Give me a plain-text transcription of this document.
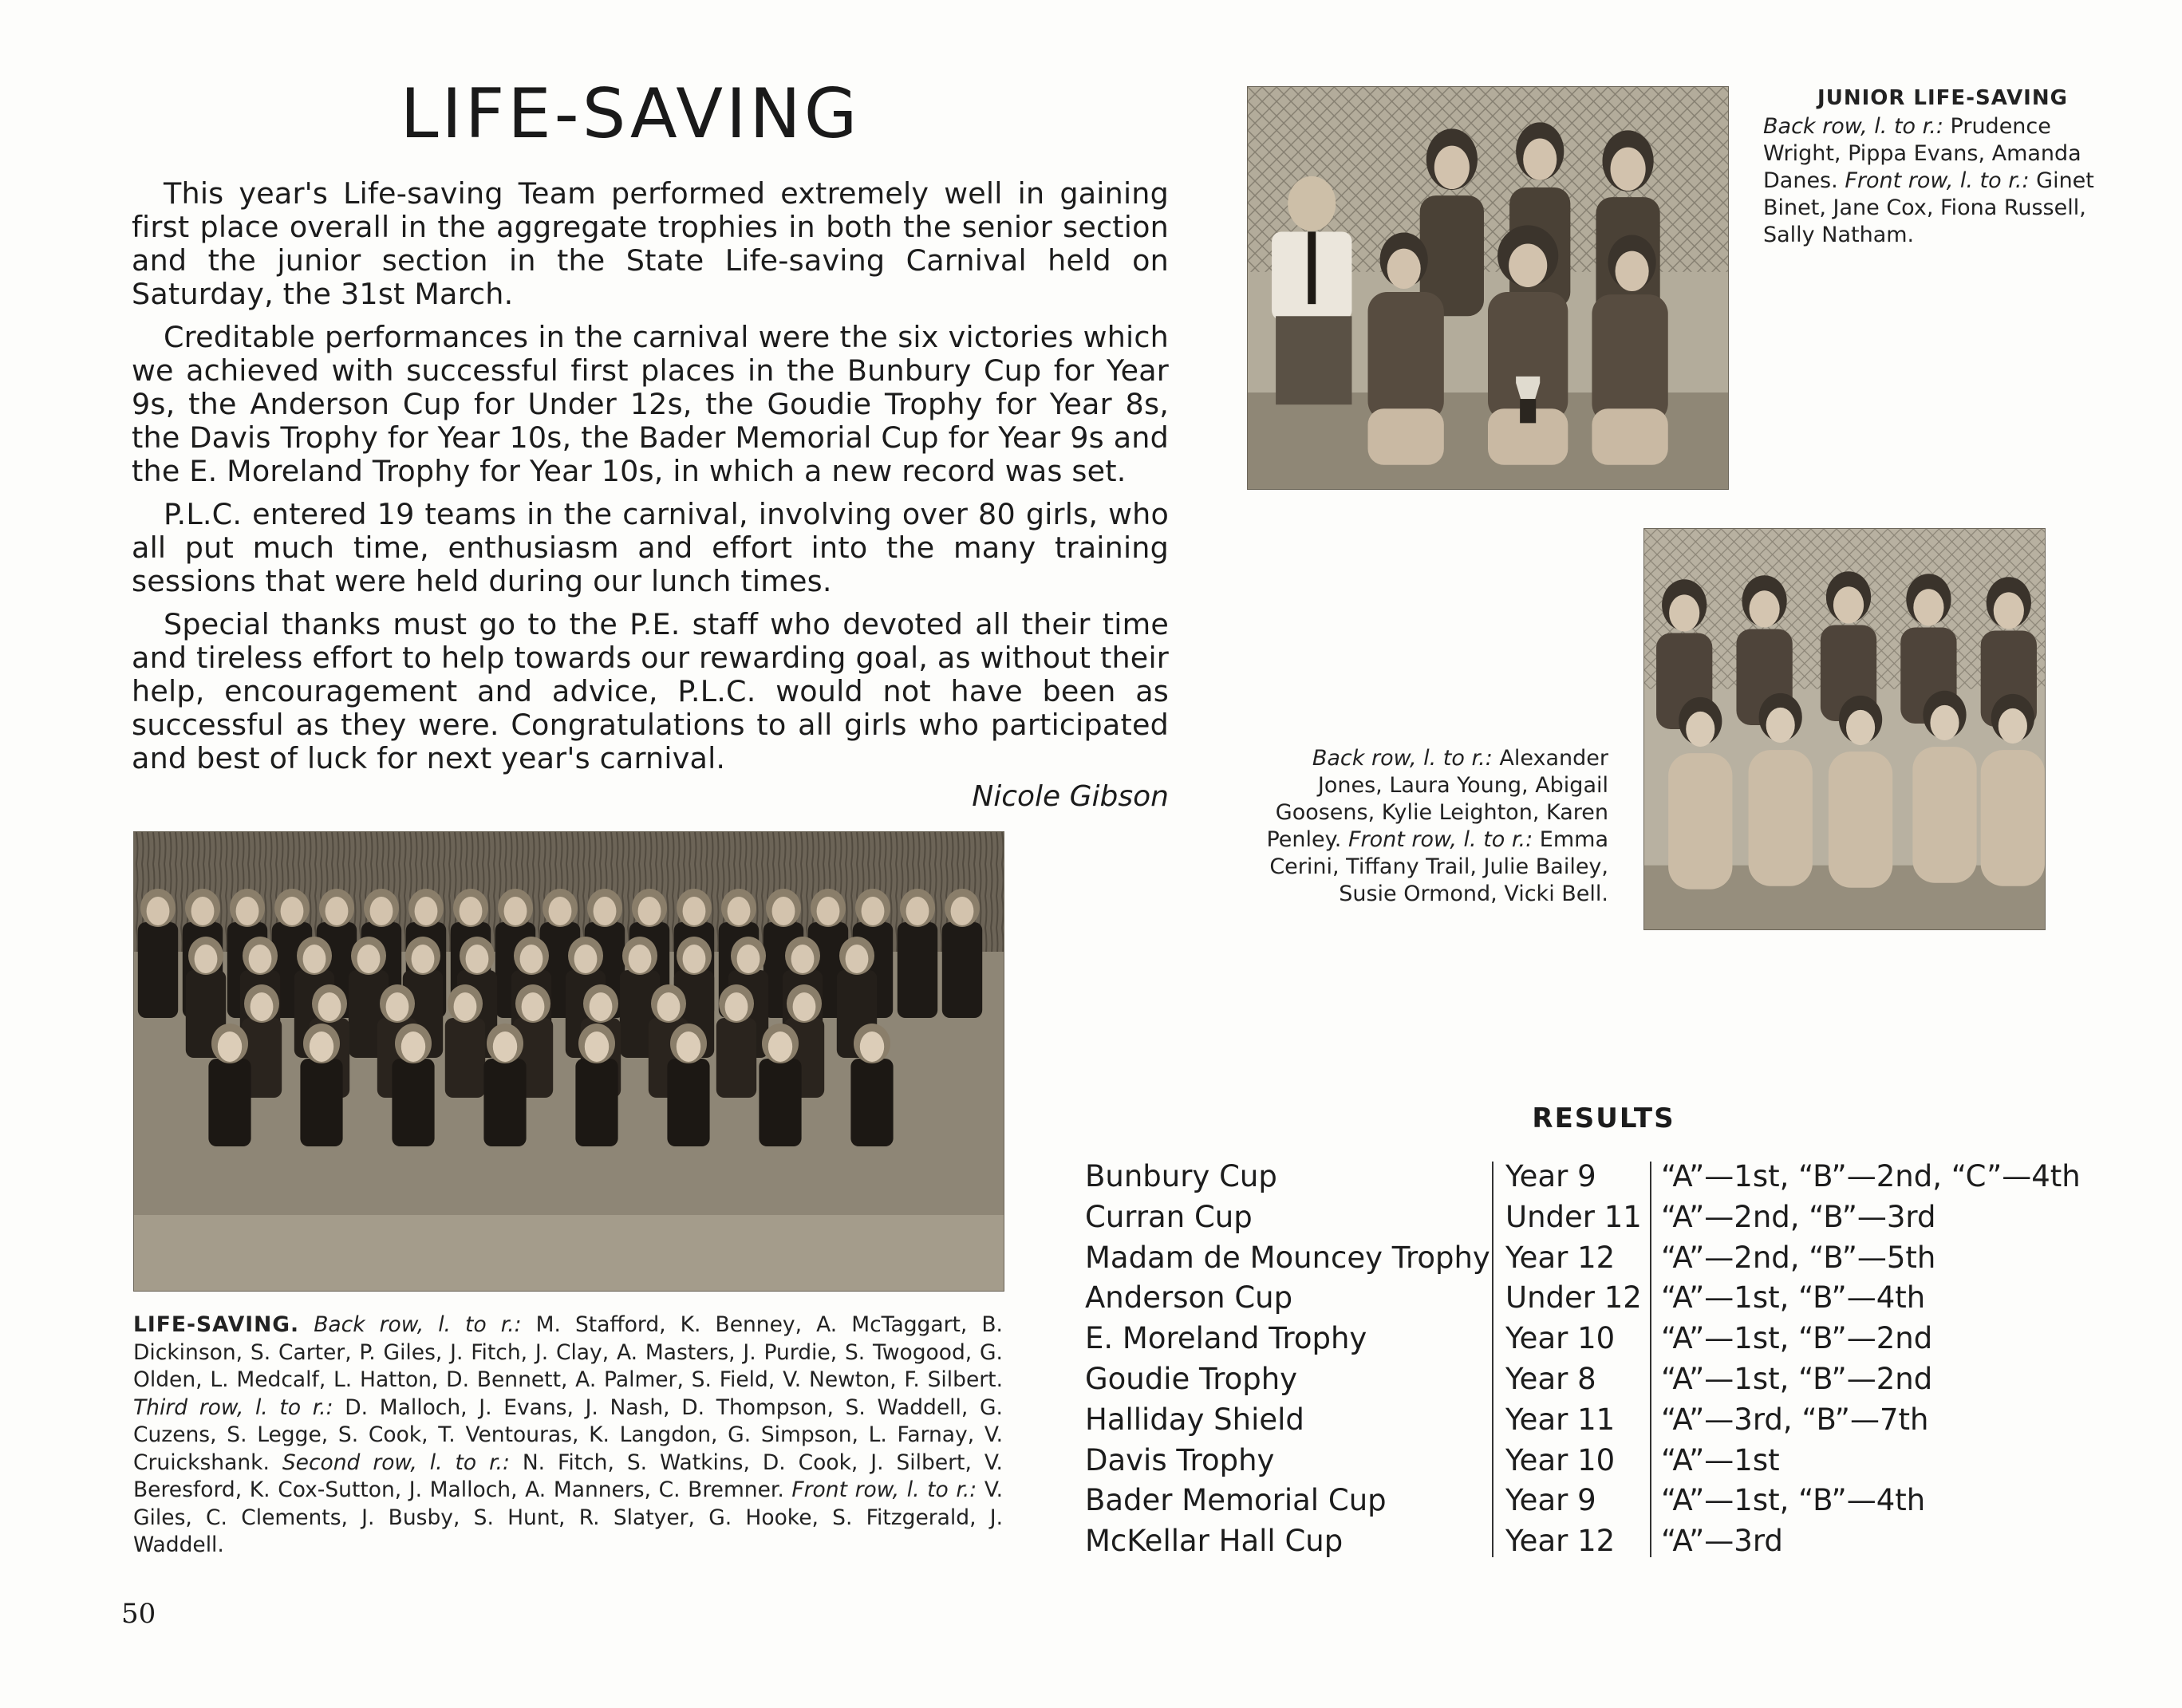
LIFE-SAVING

This year's Life-saving Team performed extremely well in gaining first place overall in the aggregate trophies in both the senior section and the junior section in the State Life-saving Carnival held on Saturday, the 31st March.

Creditable performances in the carnival were the six victories which we achieved with successful first places in the Bunbury Cup for Year 9s, the Anderson Cup for Under 12s, the Goudie Trophy for Year 8s, the Davis Trophy for Year 10s, the Bader Memorial Cup for Year 9s and the E. Moreland Trophy for Year 10s, in which a new record was set.

P.L.C. entered 19 teams in the carnival, involving over 80 girls, who all put much time, enthusiasm and effort into the many training sessions that were held during our lunch times.

Special thanks must go to the P.E. staff who devoted all their time and tireless effort to help towards our rewarding goal, as without their help, encouragement and advice, P.L.C. would not have been as successful as they were. Congratulations to all girls who participated and best of luck for next year's carnival.

Nicole Gibson
JUNIOR LIFE-SAVING
Back row, l. to r.: Prudence Wright, Pippa Evans, Amanda Danes. Front row, l. to r.: Ginet Binet, Jane Cox, Fiona Russell, Sally Natham.
Back row, l. to r.: Alexander Jones, Laura Young, Abigail Goosens, Kylie Leighton, Karen Penley. Front row, l. to r.: Emma Cerini, Tiffany Trail, Julie Bailey, Susie Ormond, Vicki Bell.
LIFE-SAVING. Back row, l. to r.: M. Stafford, K. Benney, A. McTaggart, B. Dickinson, S. Carter, P. Giles, J. Fitch, J. Clay, A. Masters, J. Purdie, S. Twogood, G. Olden, L. Medcalf, L. Hatton, D. Bennett, A. Palmer, S. Field, V. Newton, F. Silbert. Third row, l. to r.: D. Malloch, J. Evans, J. Nash, D. Thompson, S. Waddell, G. Cuzens, S. Legge, S. Cook, T. Ventouras, K. Langdon, G. Simpson, L. Farnay, V. Cruickshank. Second row, l. to r.: N. Fitch, S. Watkins, D. Cook, J. Silbert, V. Beresford, K. Cox-Sutton, J. Malloch, A. Manners, C. Bremner. Front row, l. to r.: V. Giles, C. Clements, J. Busby, S. Hunt, R. Slatyer, G. Hooke, S. Fitzgerald, J. Waddell.
RESULTS
Bunbury Cup	Year 9 “A”—1st, “B”—2nd, “C”—4th
Curran Cup	Under 11 “A”—2nd, “B”—3rd
Madam de Mouncey Trophy Year 12 “A”—2nd, “B”—5th
Anderson Cup	Under 12 “A”—1st, “B”—4th
E. Moreland Trophy	Year 10 “A”—1st, “B”—2nd
Goudie Trophy	Year 8 “A”—1st, “B”—2nd
Halliday Shield	Year 11 “A”—3rd, “B”—7th
Davis Trophy	Year 10 “A”—1st
Bader Memorial Cup	Year 9 “A”—1st, “B”—4th
McKellar Hall Cup	Year 12 “A”—3rd
50
